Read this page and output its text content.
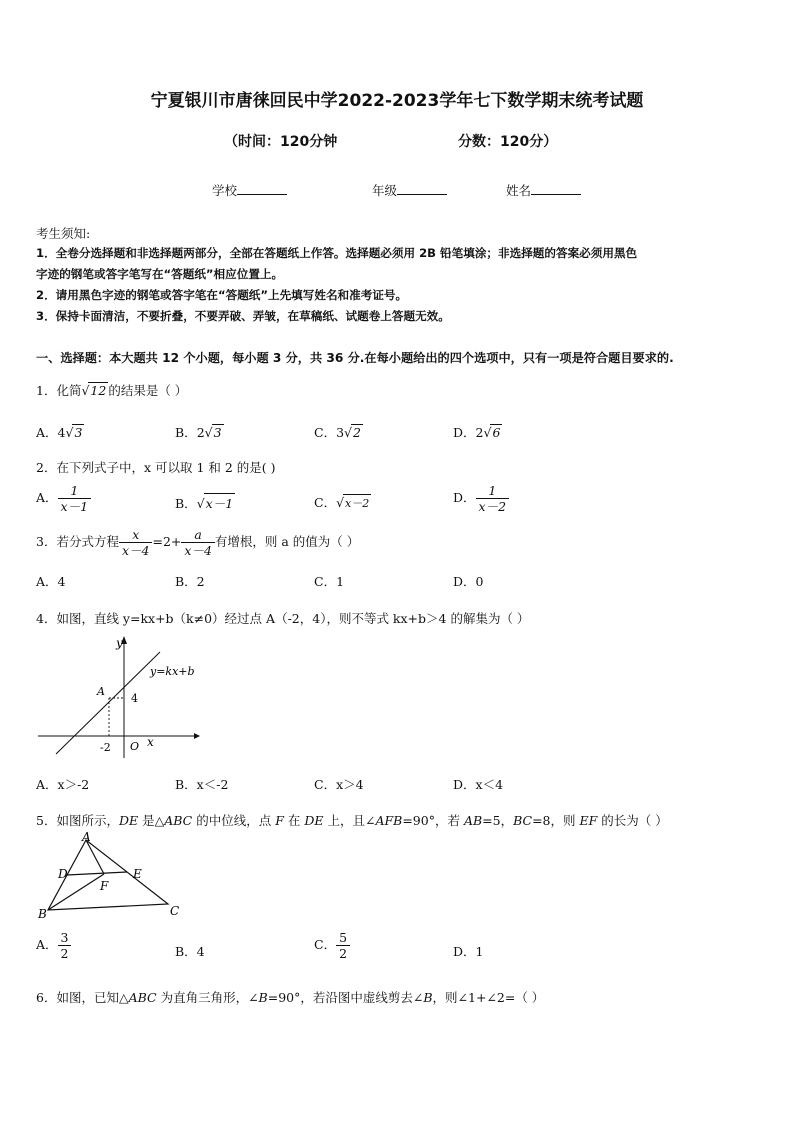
宁夏银川市唐徕回民中学2022-2023学年七下数学期末统考试题
（时间：120分钟	分数：120分）
学校	年级	姓名
考生须知:
1．全卷分选择题和非选择题两部分，全部在答题纸上作答。选择题必须用 2B 铅笔填涂；非选择题的答案必须用黑色
字迹的钢笔或答字笔写在“答题纸”相应位置上。
2．请用黑色字迹的钢笔或答字笔在“答题纸”上先填写姓名和准考证号。
3．保持卡面清洁，不要折叠，不要弄破、弄皱，在草稿纸、试题卷上答题无效。
一、选择题：本大题共 12 个小题，每小题 3 分，共 36 分.在每小题给出的四个选项中，只有一项是符合题目要求的.
1．化简√12 的结果是（ ）
A．4√3	B．2√3	C．3√2	D．2√6
2．在下列式子中，x 可以取 1 和 2 的是( )
A． $\frac{1}{x-1}$	B．√x－1	C．√x－2	D． $\frac{1}{x-2}$
3．若分式方程 $\frac{x}{x-4} =2+ \frac{a}{x-4}$ 有增根，则 a 的值为（ ）
A．4	B．2	C．1	D．0
4．如图，直线 y=kx+b（k≠0）经过点 A（-2，4），则不等式 kx+b＞4 的解集为（ ）
y
x
y=kx+b
A
4
-2 O
A．x＞-2	B．x＜-2	C．x＞4	D．x＜4
5．如图所示，DE 是△ABC 的中位线，点 F 在 DE 上，且∠AFB=90°，若 AB=5，BC=8，则 EF 的长为（ ）
A
B	C
D	E
F
A． $\frac{3}{2}$	B．4	C． $\frac{5}{2}$	D．1
6．如图，已知△ABC 为直角三角形，∠B=90°，若沿图中虚线剪去∠B，则∠1+∠2=（ ）
